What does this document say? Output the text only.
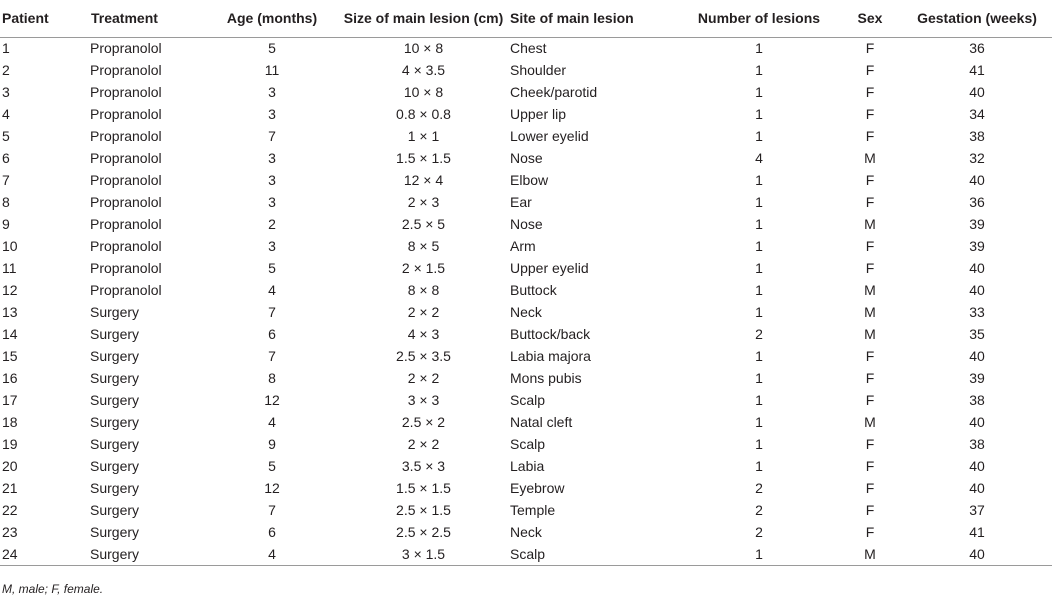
Patient	Treatment	Age (months)	Size of main lesion (cm)	Site of main lesion	Number of lesions	Sex	Gestation (weeks)
1	Propranolol	5	10 × 8	Chest	1	F	36
2	Propranolol	11	4 × 3.5	Shoulder	1	F	41
3	Propranolol	3	10 × 8	Cheek/parotid	1	F	40
4	Propranolol	3	0.8 × 0.8	Upper lip	1	F	34
5	Propranolol	7	1 × 1	Lower eyelid	1	F	38
6	Propranolol	3	1.5 × 1.5	Nose	4	M	32
7	Propranolol	3	12 × 4	Elbow	1	F	40
8	Propranolol	3	2 × 3	Ear	1	F	36
9	Propranolol	2	2.5 × 5	Nose	1	M	39
10	Propranolol	3	8 × 5	Arm	1	F	39
11	Propranolol	5	2 × 1.5	Upper eyelid	1	F	40
12	Propranolol	4	8 × 8	Buttock	1	M	40
13	Surgery	7	2 × 2	Neck	1	M	33
14	Surgery	6	4 × 3	Buttock/back	2	M	35
15	Surgery	7	2.5 × 3.5	Labia majora	1	F	40
16	Surgery	8	2 × 2	Mons pubis	1	F	39
17	Surgery	12	3 × 3	Scalp	1	F	38
18	Surgery	4	2.5 × 2	Natal cleft	1	M	40
19	Surgery	9	2 × 2	Scalp	1	F	38
20	Surgery	5	3.5 × 3	Labia	1	F	40
21	Surgery	12	1.5 × 1.5	Eyebrow	2	F	40
22	Surgery	7	2.5 × 1.5	Temple	2	F	37
23	Surgery	6	2.5 × 2.5	Neck	2	F	41
24	Surgery	4	3 × 1.5	Scalp	1	M	40
M, male; F, female.
